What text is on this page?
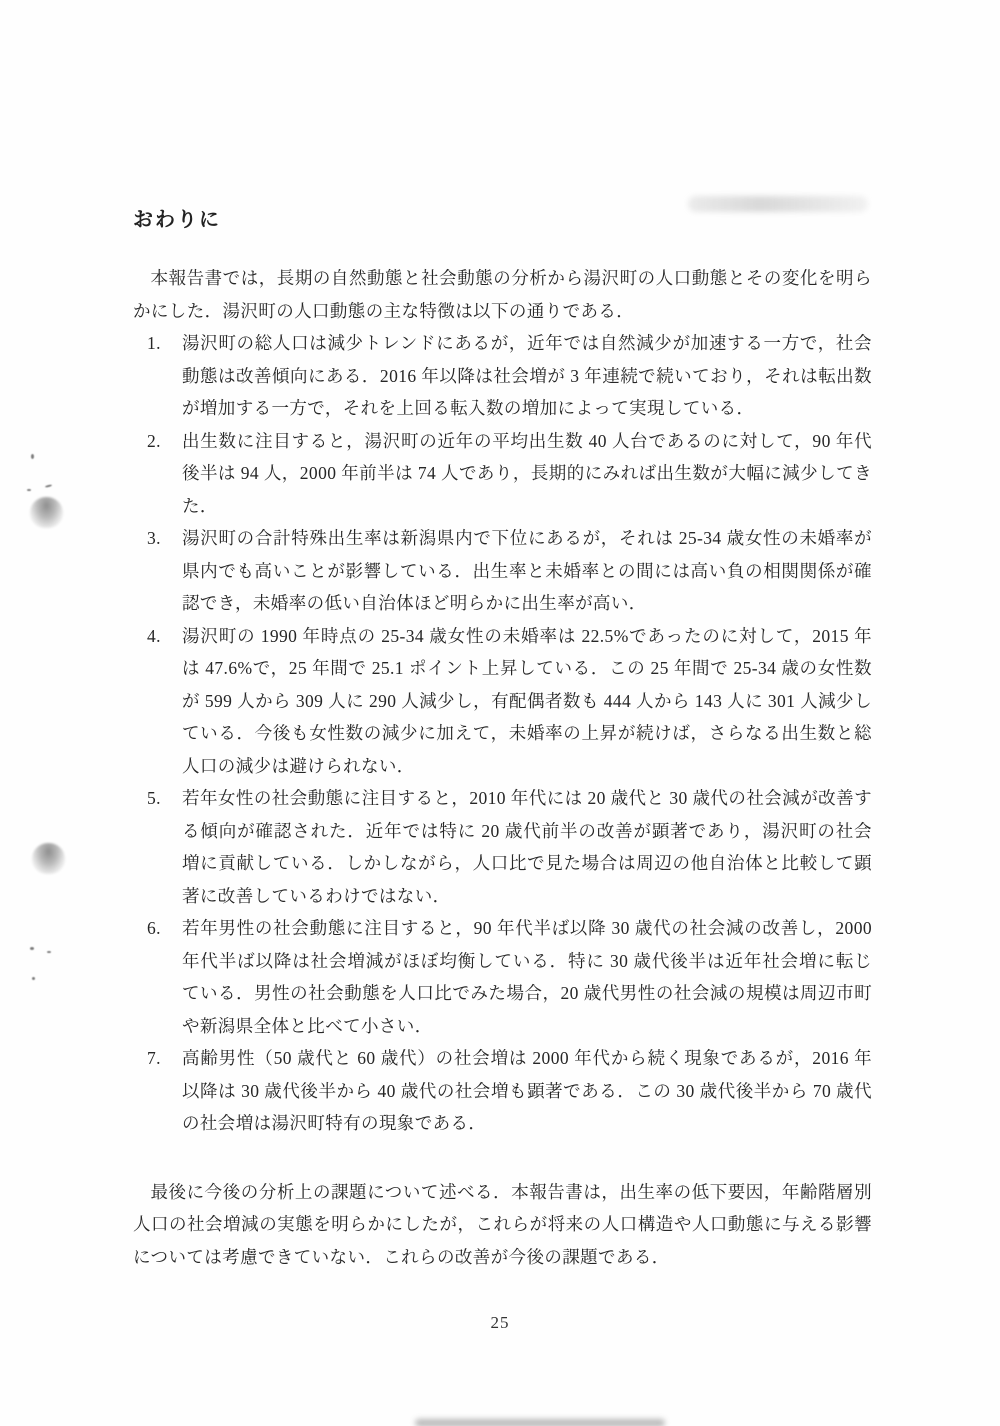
おわりに

本報告書では，長期の自然動態と社会動態の分析から湯沢町の人口動態とその変化を明らかにした．湯沢町の人口動態の主な特徴は以下の通りである．

1.	湯沢町の総人口は減少トレンドにあるが，近年では自然減少が加速する一方で，社会動態は改善傾向にある．2016 年以降は社会増が 3 年連続で続いており，それは転出数が増加する一方で，それを上回る転入数の増加によって実現している．
2.	出生数に注目すると，湯沢町の近年の平均出生数 40 人台であるのに対して，90 年代後半は 94 人，2000 年前半は 74 人であり，長期的にみれば出生数が大幅に減少してきた．
3.	湯沢町の合計特殊出生率は新潟県内で下位にあるが，それは 25-34 歳女性の未婚率が県内でも高いことが影響している．出生率と未婚率との間には高い負の相関関係が確認でき，未婚率の低い自治体ほど明らかに出生率が高い．
4.	湯沢町の 1990 年時点の 25-34 歳女性の未婚率は 22.5%であったのに対して，2015 年は 47.6%で，25 年間で 25.1 ポイント上昇している．この 25 年間で 25-34 歳の女性数が 599 人から 309 人に 290 人減少し，有配偶者数も 444 人から 143 人に 301 人減少している．今後も女性数の減少に加えて，未婚率の上昇が続けば，さらなる出生数と総人口の減少は避けられない．
5.	若年女性の社会動態に注目すると，2010 年代には 20 歳代と 30 歳代の社会減が改善する傾向が確認された．近年では特に 20 歳代前半の改善が顕著であり，湯沢町の社会増に貢献している．しかしながら，人口比で見た場合は周辺の他自治体と比較して顕著に改善しているわけではない．
6.	若年男性の社会動態に注目すると，90 年代半ば以降 30 歳代の社会減の改善し，2000 年代半ば以降は社会増減がほぼ均衡している．特に 30 歳代後半は近年社会増に転じている．男性の社会動態を人口比でみた場合，20 歳代男性の社会減の規模は周辺市町や新潟県全体と比べて小さい．
7.	高齢男性（50 歳代と 60 歳代）の社会増は 2000 年代から続く現象であるが，2016 年以降は 30 歳代後半から 40 歳代の社会増も顕著である．この 30 歳代後半から 70 歳代の社会増は湯沢町特有の現象である．

最後に今後の分析上の課題について述べる．本報告書は，出生率の低下要因，年齢階層別人口の社会増減の実態を明らかにしたが，これらが将来の人口構造や人口動態に与える影響については考慮できていない．これらの改善が今後の課題である．

25
